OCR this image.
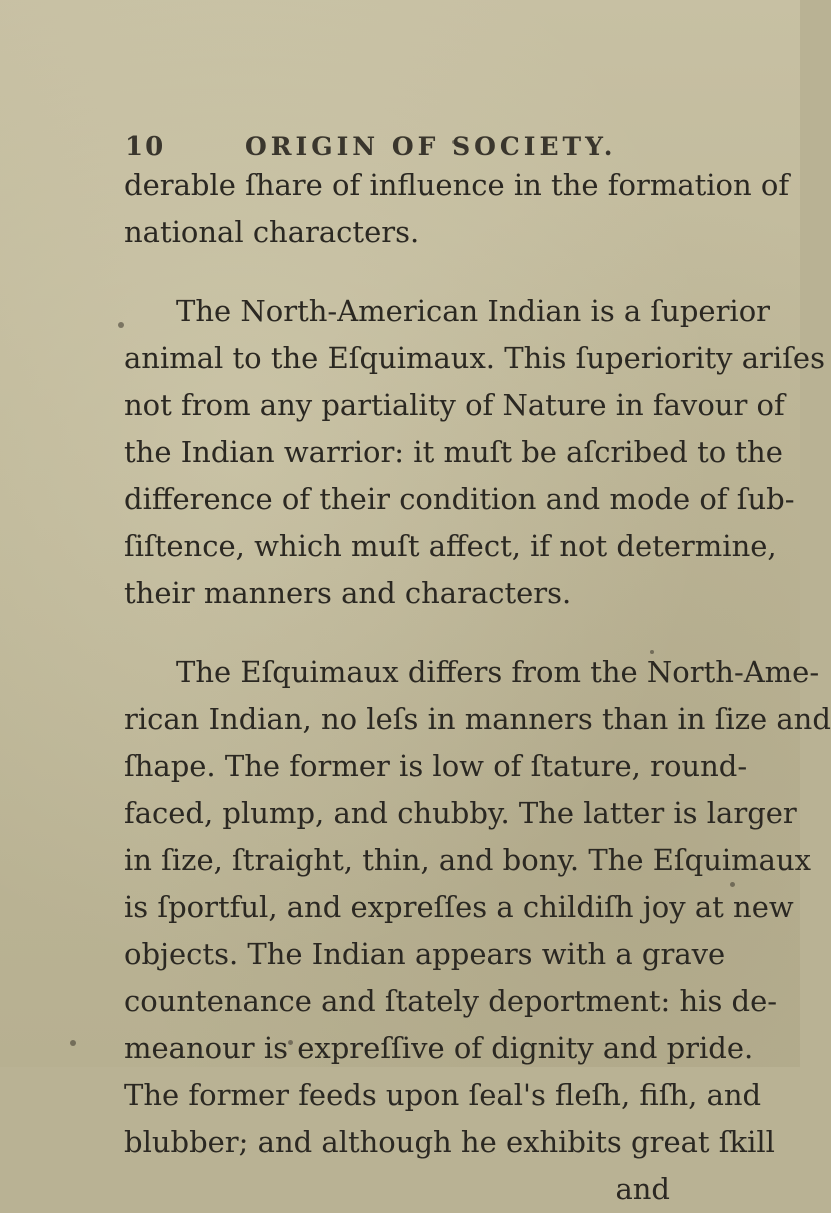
10	ORIGIN OF SOCIETY.
derable ſhare of influence in the formation of
national characters.
The North-American Indian is a ſuperior
animal to the Eſquimaux. This ſuperiority ariſes
not from any partiality of Nature in favour of
the Indian warrior: it muſt be aſcribed to the
difference of their condition and mode of ſub-
ſiſtence, which muſt affect, if not determine,
their manners and characters.
The Eſquimaux differs from the North-Ame-
rican Indian, no leſs in manners than in ſize and
ſhape. The former is low of ſtature, round-
faced, plump, and chubby. The latter is larger
in ſize, ſtraight, thin, and bony. The Eſquimaux
is ſportful, and expreſſes a childiſh joy at new
objects. The Indian appears with a grave
countenance and ſtately deportment: his de-
meanour is expreſſive of dignity and pride.
The former feeds upon ſeal's fleſh, fiſh, and
blubber; and although he exhibits great ſkill
and
